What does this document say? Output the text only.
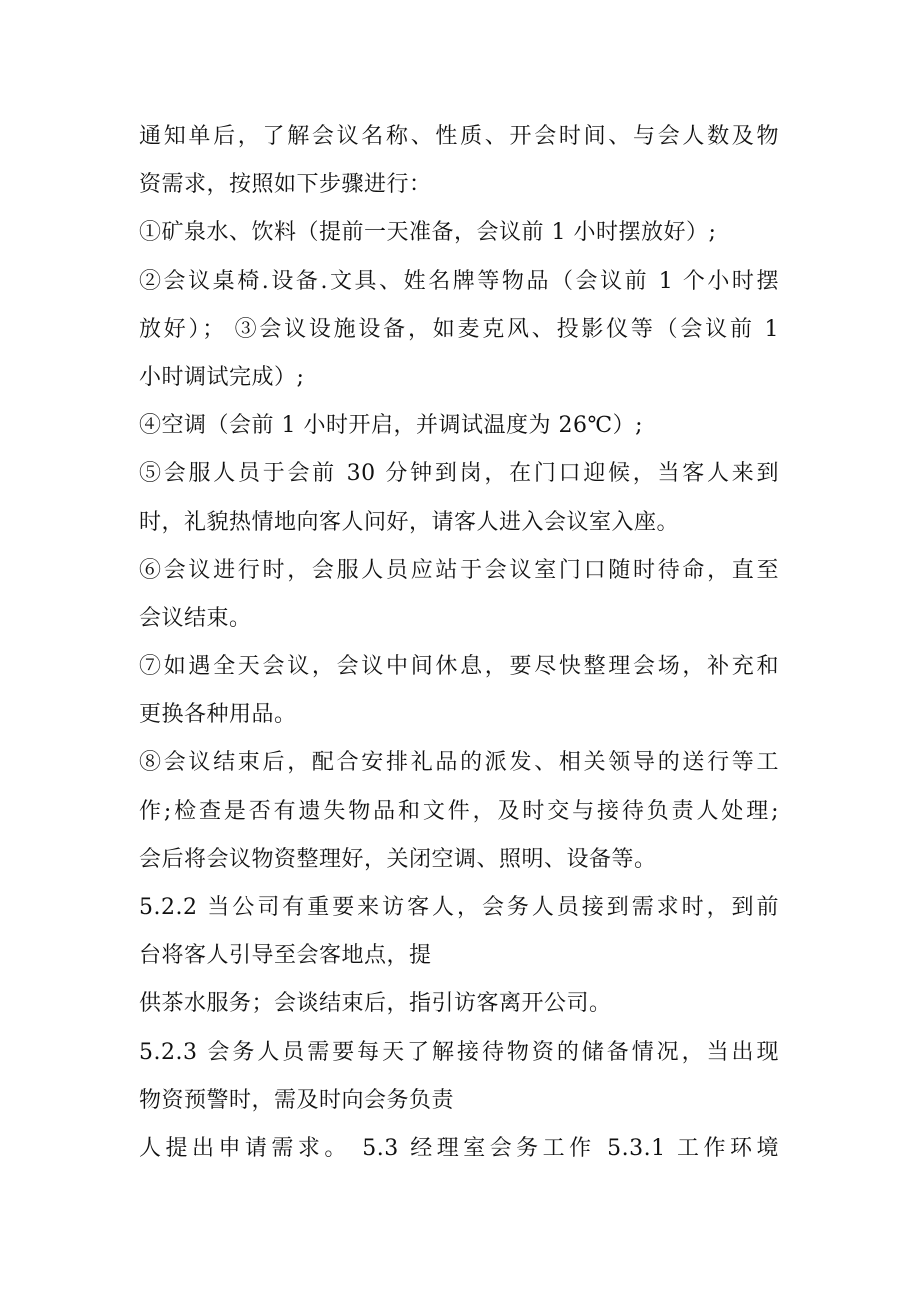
通知单后，了解会议名称、性质、开会时间、与会人数及物
资需求，按照如下步骤进行：
①矿泉水、饮料（提前一天准备，会议前 1 小时摆放好）;
②会议桌椅.设备.文具、姓名牌等物品（会议前 1 个小时摆
放好）； ③会议设施设备，如麦克风、投影仪等（会议前 1
小时调试完成）;
④空调（会前 1 小时开启，并调试温度为 26℃）;
⑤会服人员于会前 30 分钟到岗，在门口迎候，当客人来到
时，礼貌热情地向客人问好，请客人进入会议室入座。
⑥会议进行时，会服人员应站于会议室门口随时待命，直至
会议结束。
⑦如遇全天会议，会议中间休息，要尽快整理会场，补充和
更换各种用品。
⑧会议结束后，配合安排礼品的派发、相关领导的送行等工
作;检查是否有遗失物品和文件，及时交与接待负责人处理;
会后将会议物资整理好，关闭空调、照明、设备等。
5.2.2 当公司有重要来访客人，会务人员接到需求时，到前
台将客人引导至会客地点，提
供茶水服务；会谈结束后，指引访客离开公司。
5.2.3 会务人员需要每天了解接待物资的储备情况，当出现
物资预警时，需及时向会务负责
人提出申请需求。 5.3 经理室会务工作 5.3.1 工作环境
